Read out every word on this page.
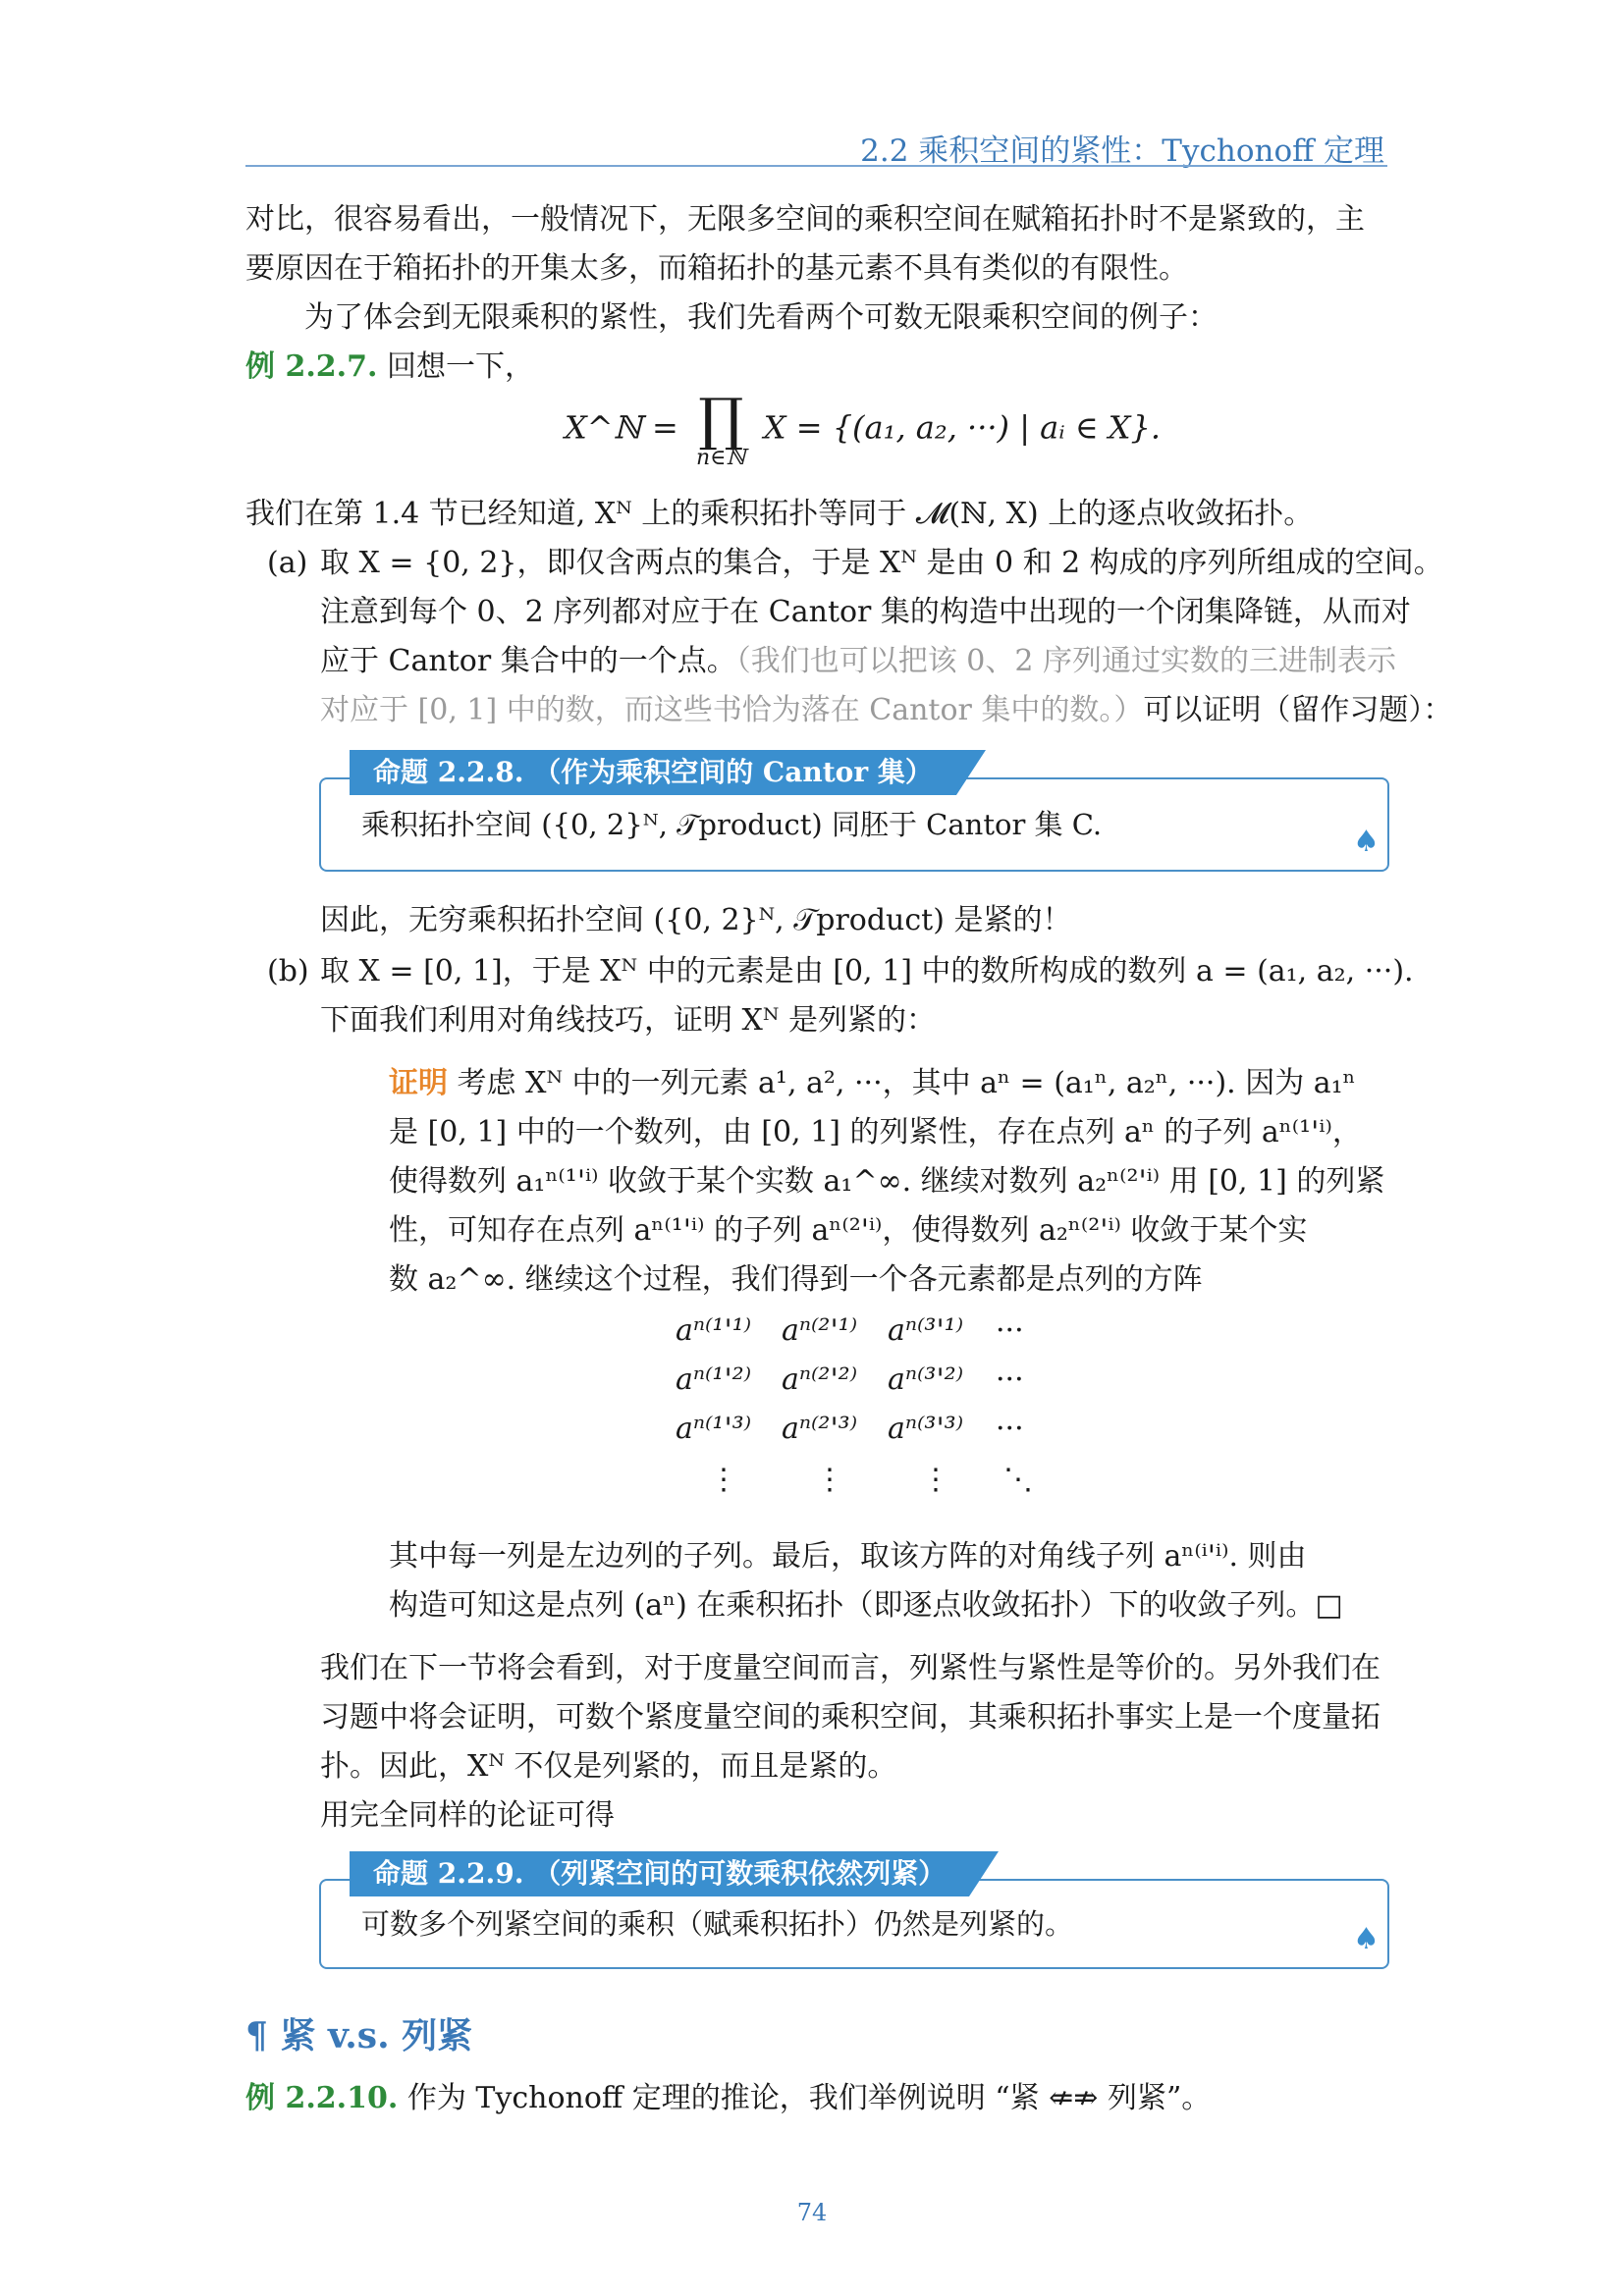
2.2 乘积空间的紧性：Tychonoff 定理
对比，很容易看出，一般情况下，无限多空间的乘积空间在赋箱拓扑时不是紧致的，主
要原因在于箱拓扑的开集太多，而箱拓扑的基元素不具有类似的有限性。
为了体会到无限乘积的紧性，我们先看两个可数无限乘积空间的例子：
例 2.2.7. 回想一下，
X^ℕ = ∏
n∈ℕ
X = {(a₁, a₂, ···) | aᵢ ∈ X}.
我们在第 1.4 节已经知道, Xᴺ 上的乘积拓扑等同于 𝓜(ℕ, X) 上的逐点收敛拓扑。
(a) 取 X = {0, 2}，即仅含两点的集合，于是 Xᴺ 是由 0 和 2 构成的序列所组成的空间。
注意到每个 0、2 序列都对应于在 Cantor 集的构造中出现的一个闭集降链，从而对
应于 Cantor 集合中的一个点。（我们也可以把该 0、2 序列通过实数的三进制表示
对应于 [0, 1] 中的数，而这些书恰为落在 Cantor 集中的数。）可以证明（留作习题）：
命题 2.2.8. （作为乘积空间的 Cantor 集）
乘积拓扑空间 ({0, 2}ᴺ, 𝒯product) 同胚于 Cantor 集 C.	♠
因此，无穷乘积拓扑空间 ({0, 2}ᴺ, 𝒯product) 是紧的！
(b) 取 X = [0, 1]，于是 Xᴺ 中的元素是由 [0, 1] 中的数所构成的数列 a = (a₁, a₂, ···).
下面我们利用对角线技巧，证明 Xᴺ 是列紧的：
证明 考虑 Xᴺ 中的一列元素 a¹, a², ···，其中 aⁿ = (a₁ⁿ, a₂ⁿ, ···). 因为 a₁ⁿ
是 [0, 1] 中的一个数列，由 [0, 1] 的列紧性，存在点列 aⁿ 的子列 aⁿ⁽¹'ⁱ⁾，
使得数列 a₁ⁿ⁽¹'ⁱ⁾ 收敛于某个实数 a₁^∞. 继续对数列 a₂ⁿ⁽²'ⁱ⁾ 用 [0, 1] 的列紧
性，可知存在点列 aⁿ⁽¹'ⁱ⁾ 的子列 aⁿ⁽²'ⁱ⁾，使得数列 a₂ⁿ⁽²'ⁱ⁾ 收敛于某个实
数 a₂^∞. 继续这个过程，我们得到一个各元素都是点列的方阵
aⁿ⁽¹'¹⁾ aⁿ⁽²'¹⁾ aⁿ⁽³'¹⁾ ···
aⁿ⁽¹'²⁾ aⁿ⁽²'²⁾ aⁿ⁽³'²⁾ ···
aⁿ⁽¹'³⁾ aⁿ⁽²'³⁾ aⁿ⁽³'³⁾ ···
⋮	⋮	⋮ ⋱
其中每一列是左边列的子列。最后，取该方阵的对角线子列 aⁿ⁽ⁱ'ⁱ⁾. 则由
构造可知这是点列 (aⁿ) 在乘积拓扑（即逐点收敛拓扑）下的收敛子列。□
我们在下一节将会看到，对于度量空间而言，列紧性与紧性是等价的。另外我们在
习题中将会证明，可数个紧度量空间的乘积空间，其乘积拓扑事实上是一个度量拓
扑。因此，Xᴺ 不仅是列紧的，而且是紧的。
用完全同样的论证可得
命题 2.2.9. （列紧空间的可数乘积依然列紧）
可数多个列紧空间的乘积（赋乘积拓扑）仍然是列紧的。	♠
¶ 紧 v.s. 列紧
例 2.2.10. 作为 Tychonoff 定理的推论，我们举例说明 “紧 ⇍⇏ 列紧”。
74
